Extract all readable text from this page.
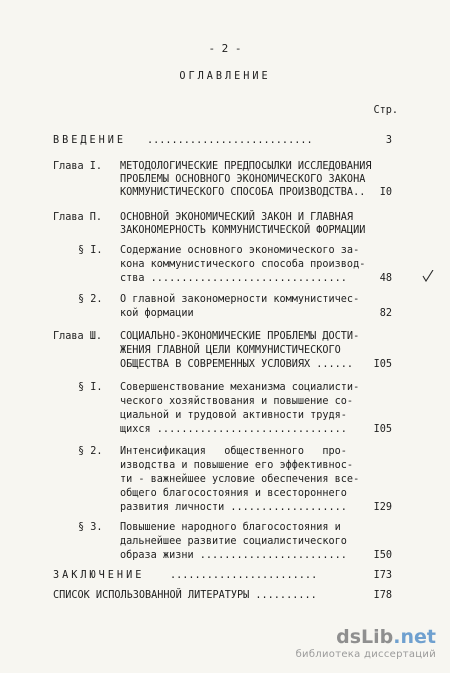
- 2 -
ОГЛАВЛЕНИЕ
Стр.
ВВЕДЕНИЕ ...........................	3
Глава I. МЕТОДОЛОГИЧЕСКИЕ ПРЕДПОСЫЛКИ ИССЛЕДОВАНИЯ
ПРОБЛЕМЫ ОСНОВНОГО ЭКОНОМИЧЕСКОГО ЗАКОНА
КОММУНИСТИЧЕСКОГО СПОСОБА ПРОИЗВОДСТВА..	I0
Глава П. ОСНОВНОЙ ЭКОНОМИЧЕСКИЙ ЗАКОН И ГЛАВНАЯ
ЗАКОНОМЕРНОСТЬ КОММУНИСТИЧЕСКОЙ ФОРМАЦИИ
§ I. Содержание основного экономического за-
кона коммунистического способа производ-
ства ................................	48
§ 2. О главной закономерности коммунистичес-
кой формации	82
Глава Ш. СОЦИАЛЬНО-ЭКОНОМИЧЕСКИЕ ПРОБЛЕМЫ ДОСТИ-
ЖЕНИЯ ГЛАВНОЙ ЦЕЛИ КОММУНИСТИЧЕСКОГО
ОБЩЕСТВА В СОВРЕМЕННЫХ УСЛОВИЯХ ......	I05
§ I. Совершенствование механизма социалисти-
ческого хозяйствования и повышение со-
циальной и трудовой активности трудя-
щихся ...............................	I05
§ 2. Интенсификация   общественного   про-
изводства и повышение его эффективнос-
ти - важнейшее условие обеспечения все-
общего благосостояния и всестороннего
развития личности ...................	I29
§ 3. Повышение народного благосостояния и
дальнейшее развитие социалистического
образа жизни ........................	I50
ЗАКЛЮЧЕНИЕ	........................	I73
СПИСОК ИСПОЛЬЗОВАННОЙ ЛИТЕРАТУРЫ ..........	I78
dsLib.net
библиотека диссертаций
